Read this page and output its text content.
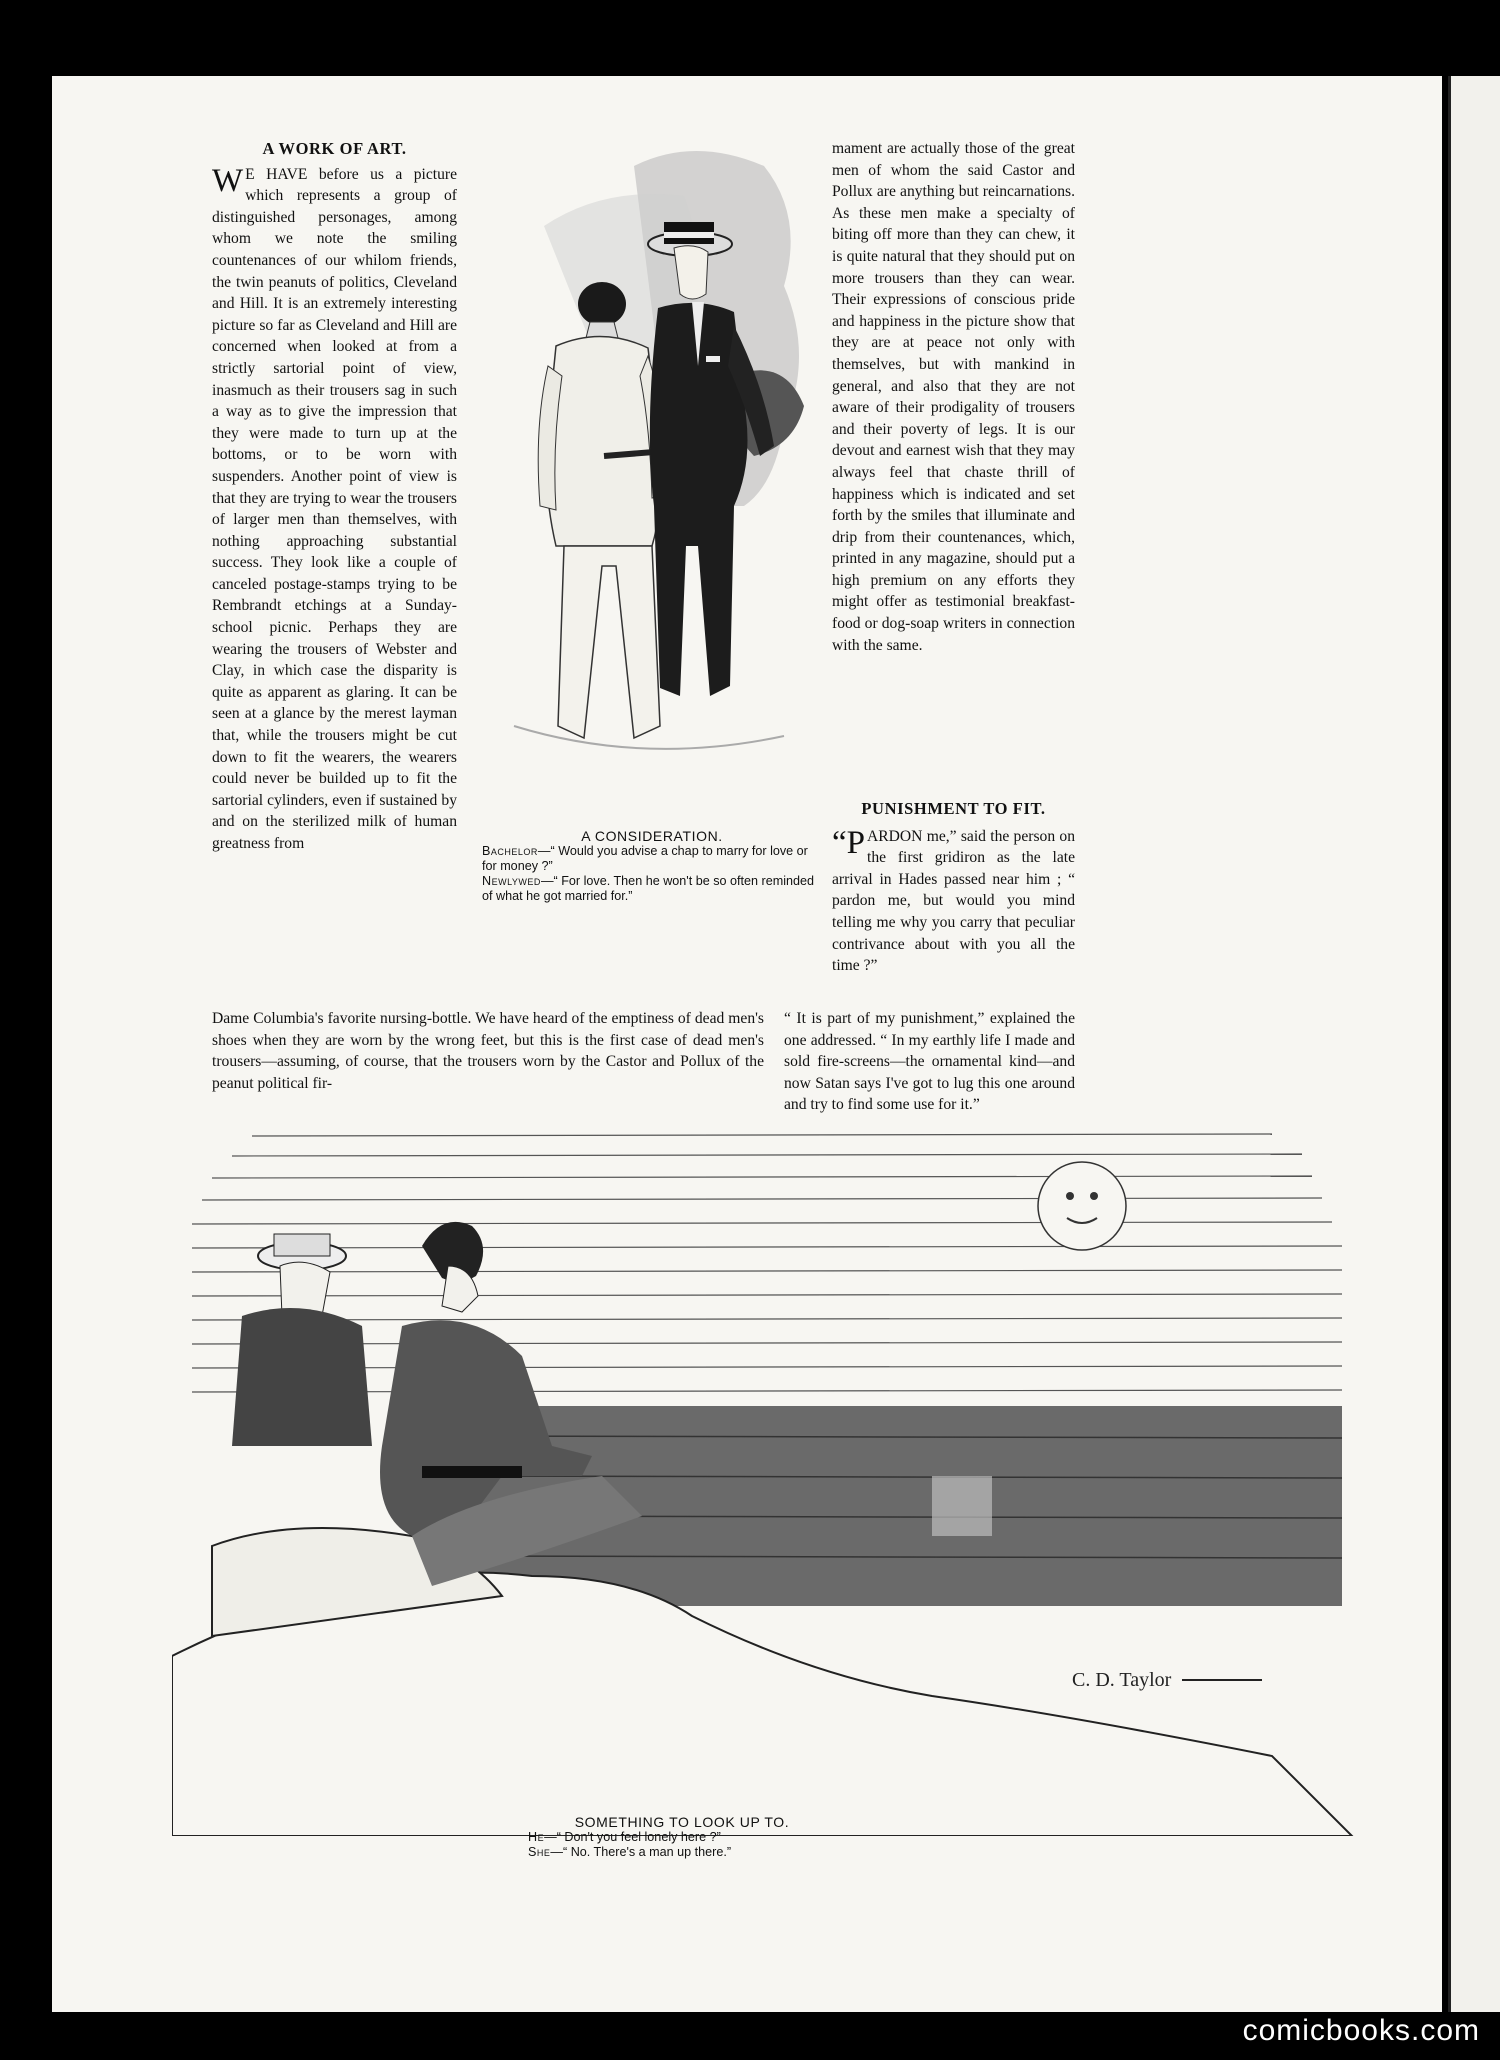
A WORK OF ART.

W E HAVE before us a picture which represents a group of distinguished personages, among whom we note the smiling countenances of our whilom friends, the twin peanuts of politics, Cleveland and Hill. It is an extremely interesting picture so far as Cleveland and Hill are concerned when looked at from a strictly sartorial point of view, inasmuch as their trousers sag in such a way as to give the impression that they were made to turn up at the bottoms, or to be worn with suspenders. Another point of view is that they are trying to wear the trousers of larger men than themselves, with nothing approaching substantial success. They look like a couple of canceled postage-stamps trying to be Rembrandt etchings at a Sunday-school picnic. Perhaps they are wearing the trousers of Webster and Clay, in which case the disparity is quite as apparent as glaring. It can be seen at a glance by the merest layman that, while the trousers might be cut down to fit the wearers, the wearers could never be builded up to fit the sartorial cylinders, even if sustained by and on the sterilized milk of human greatness from

Dame Columbia's favorite nursing-bottle. We have heard of the emptiness of dead men's shoes when they are worn by the wrong feet, but this is the first case of dead men's trousers—assuming, of course, that the trousers worn by the Castor and Pollux of the peanut political fir-

mament are actually those of the great men of whom the said Castor and Pollux are anything but reincarnations. As these men make a specialty of biting off more than they can chew, it is quite natural that they should put on more trousers than they can wear. Their expressions of conscious pride and happiness in the picture show that they are at peace not only with themselves, but with mankind in general, and also that they are not aware of their prodigality of trousers and their poverty of legs. It is our devout and earnest wish that they may always feel that chaste thrill of happiness which is indicated and set forth by the smiles that illuminate and drip from their countenances, which, printed in any magazine, should put a high premium on any efforts they might offer as testimonial breakfast-food or dog-soap writers in connection with the same.

PUNISHMENT TO FIT.

“PARDON me,” said the person on the first gridiron as the late arrival in Hades passed near him ; “ pardon me, but would you mind telling me why you carry that peculiar contrivance about with you all the time ?”

“ It is part of my punishment,” explained the one addressed. “ In my earthly life I made and sold fire-screens—the ornamental kind—and now Satan says I've got to lug this one around and try to find some use for it.”

A CONSIDERATION.
Bachelor—“ Would you advise a chap to marry for love or for money ?”
Newlywed—“ For love. Then he won't be so often reminded of what he got married for.”
C. D. Taylor
SOMETHING TO LOOK UP TO.
He—“ Don't you feel lonely here ?”
She—“ No. There's a man up there.”
comicbooks.com
